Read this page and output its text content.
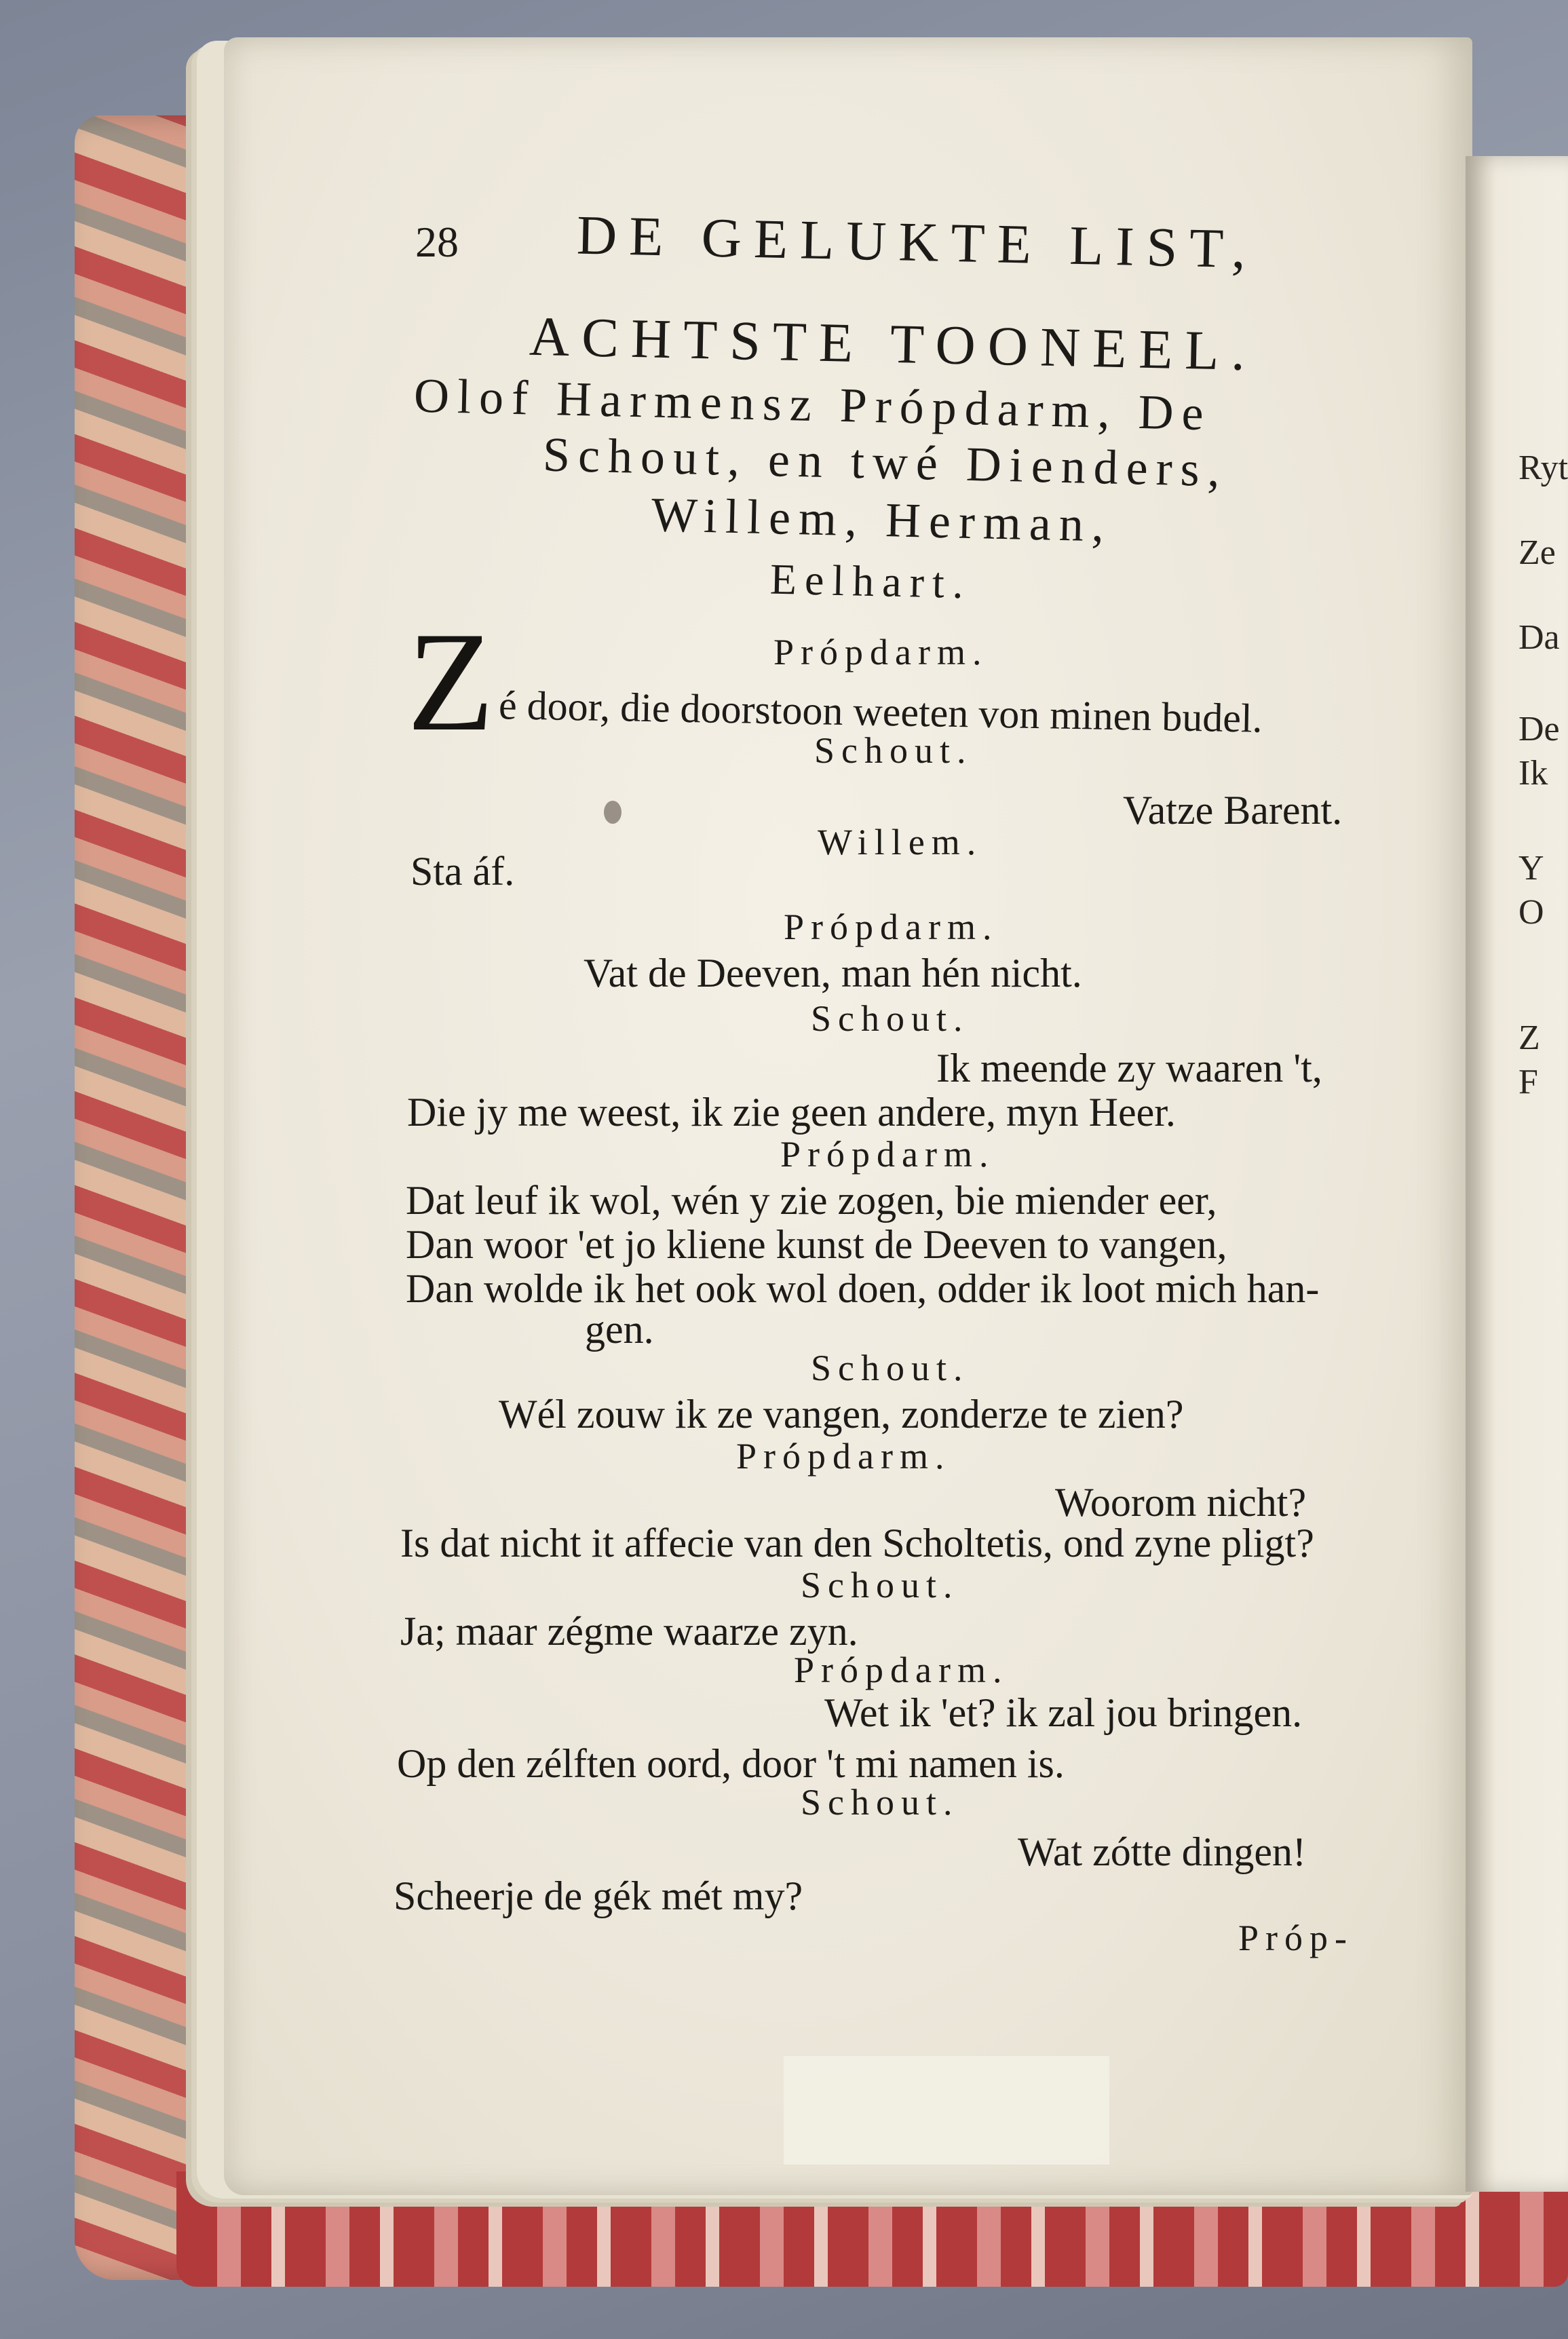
Ryt
Ze
Da
De
Ik
Y
O
Z
F
28 DE GELUKTE LIST,
ACHTSTE TOONEEL.
Olof Harmensz Própdarm, De
Schout, en twé Dienders,
Willem, Herman,
Eelhart.
Z	Própdarm.
é door, die doorstoon weeten von minen budel.
Schout.
Vatze Barent.
Willem.
Sta áf.
Própdarm.
Vat de Deeven, man hén nicht.
Schout.
Ik meende zy waaren 't,
Die jy me weest, ik zie geen andere, myn Heer.
Própdarm.
Dat leuf ik wol, wén y zie zogen, bie miender eer,
Dan woor 'et jo kliene kunst de Deeven to vangen,
Dan wolde ik het ook wol doen, odder ik loot mich han-
gen.
Schout.
Wél zouw ik ze vangen, zonderze te zien?
Própdarm.
Woorom nicht?
Is dat nicht it affecie van den Scholtetis, ond zyne pligt?
Schout.
Ja; maar zégme waarze zyn.
Própdarm.
Wet ik 'et? ik zal jou bringen.
Op den zélften oord, door 't mi namen is.
Schout.
Wat zótte dingen!
Scheerje de gék mét my?
Próp-
